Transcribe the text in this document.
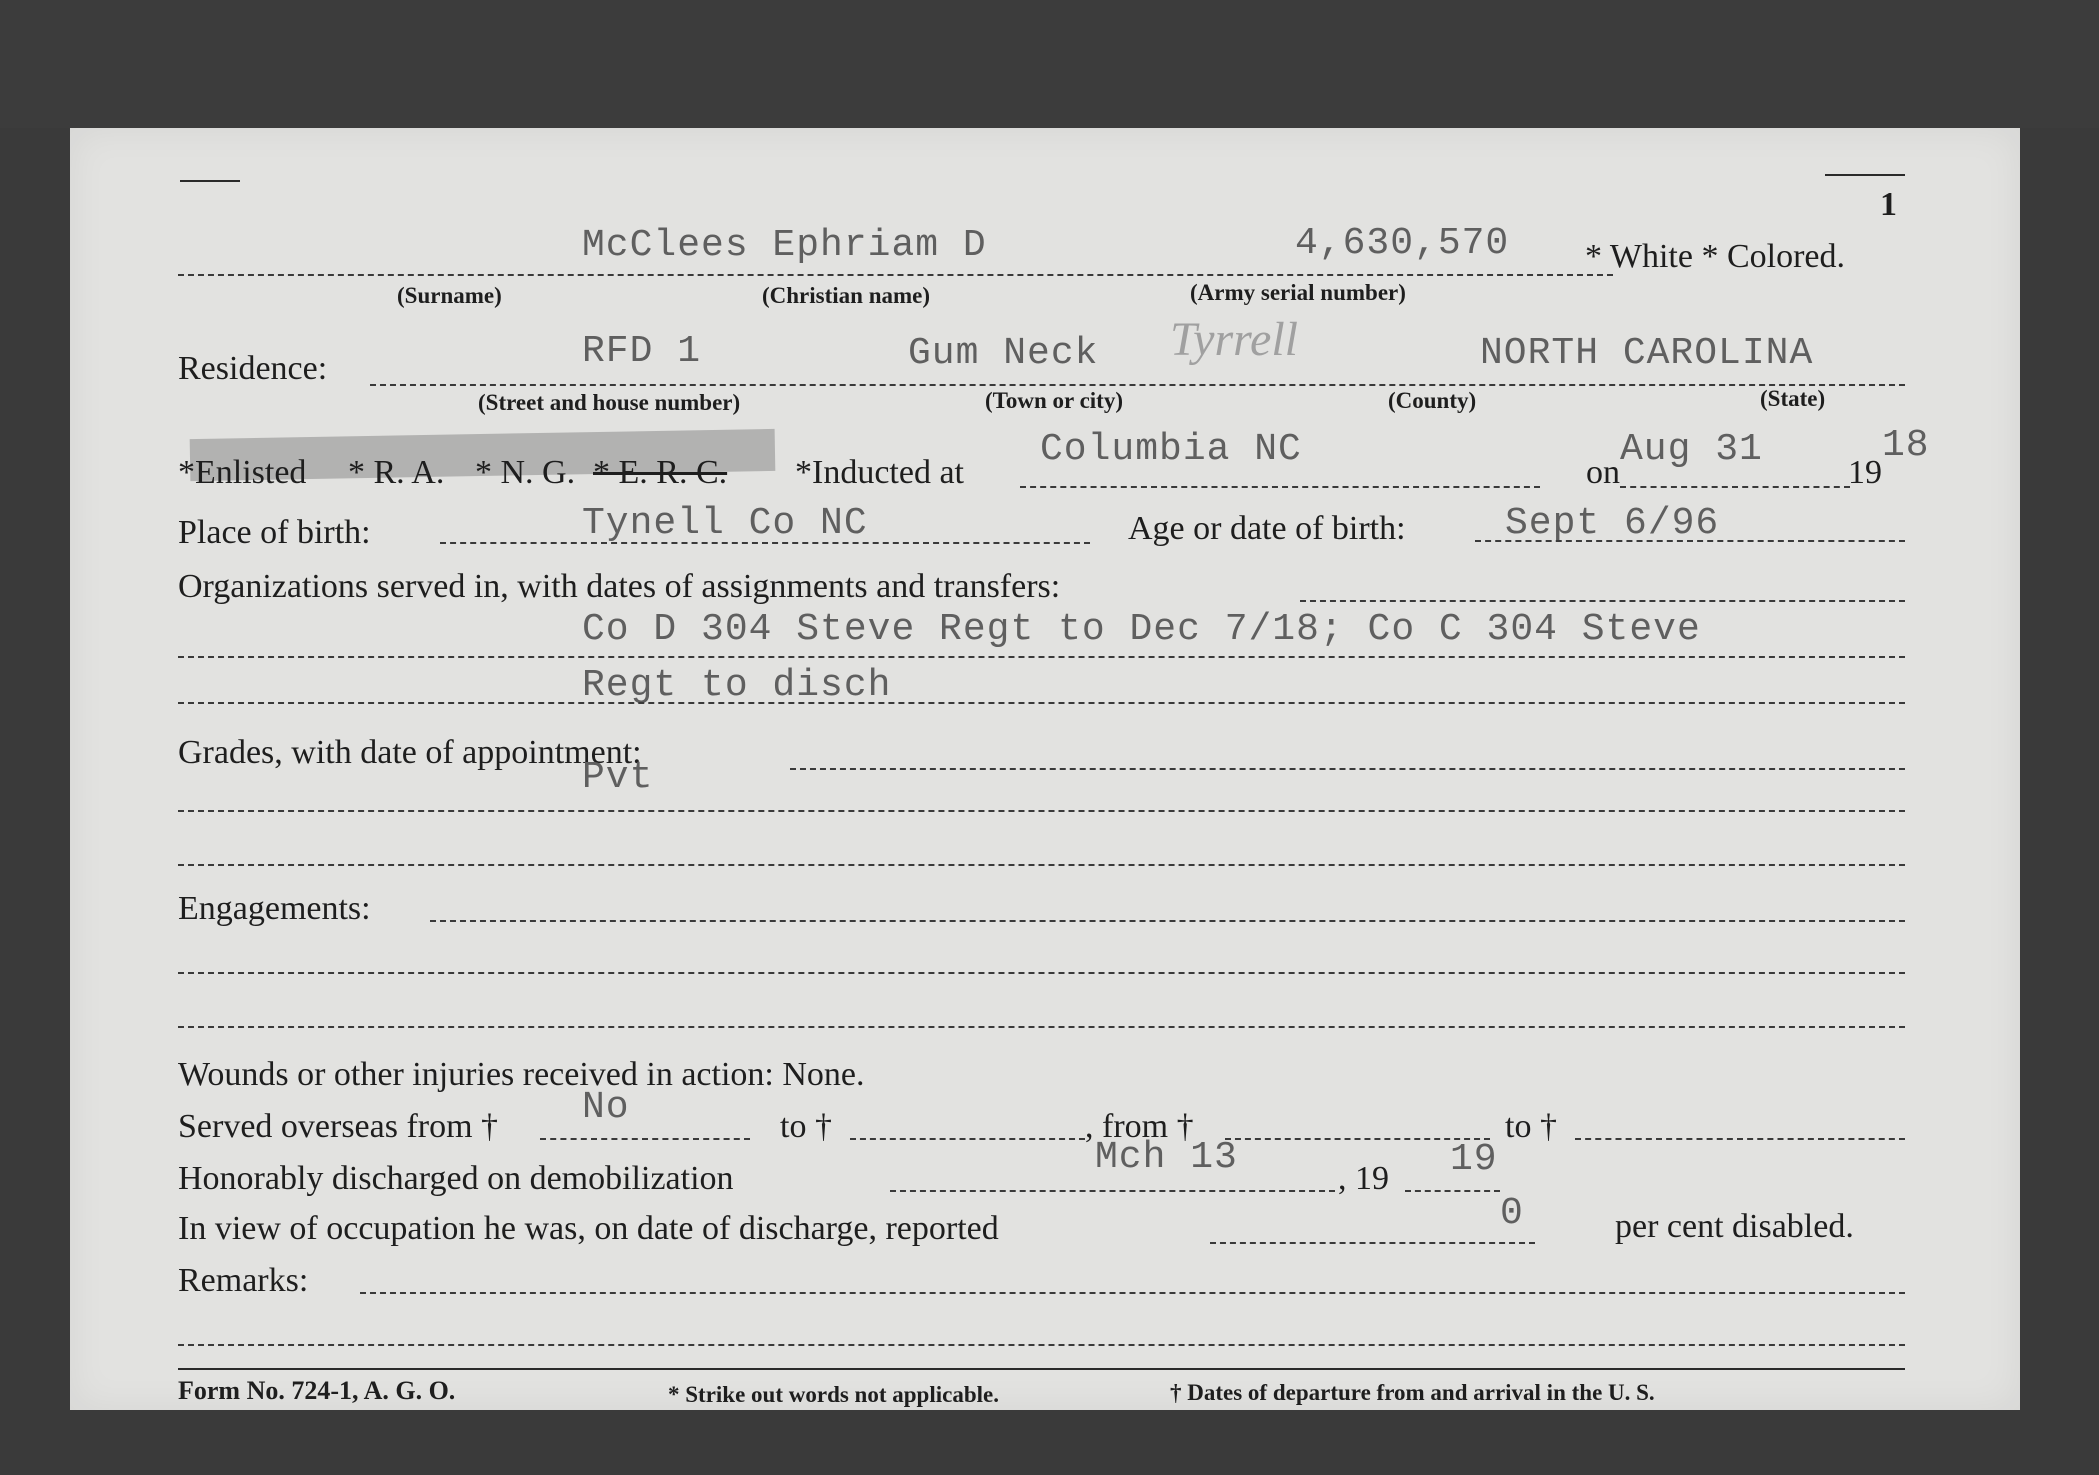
1
McClees Ephriam D	4,630,570 * White * Colored.
(Surname)	(Christian name)	(Army serial number)
Residence:	RFD 1	Gum Neck Tyrrell	NORTH CAROLINA
(Street and house number)	(Town or city)	(County)	(State)
* Enlisted * R. A. * N. G. * E. R. C. *Inducted at
Columbia NC
on
Aug 31
19
18
Place of birth:	Tynell Co NC	Age or date of birth:	Sept 6/96
Organizations served in, with dates of assignments and transfers:
Co D 304 Steve Regt to Dec 7/18; Co C 304 Steve
Regt to disch
Grades, with date of appointment:
Pvt
Engagements:
Wounds or other injuries received in action: None.
Served overseas from † No	to †	, from †	to †
Honorably discharged on demobilization	Mch 13	, 19 19
In view of occupation he was, on date of discharge, reported	0	per cent disabled.
Remarks:
Form No. 724-1, A. G. O.	* Strike out words not applicable.	† Dates of departure from and arrival in the U. S.
